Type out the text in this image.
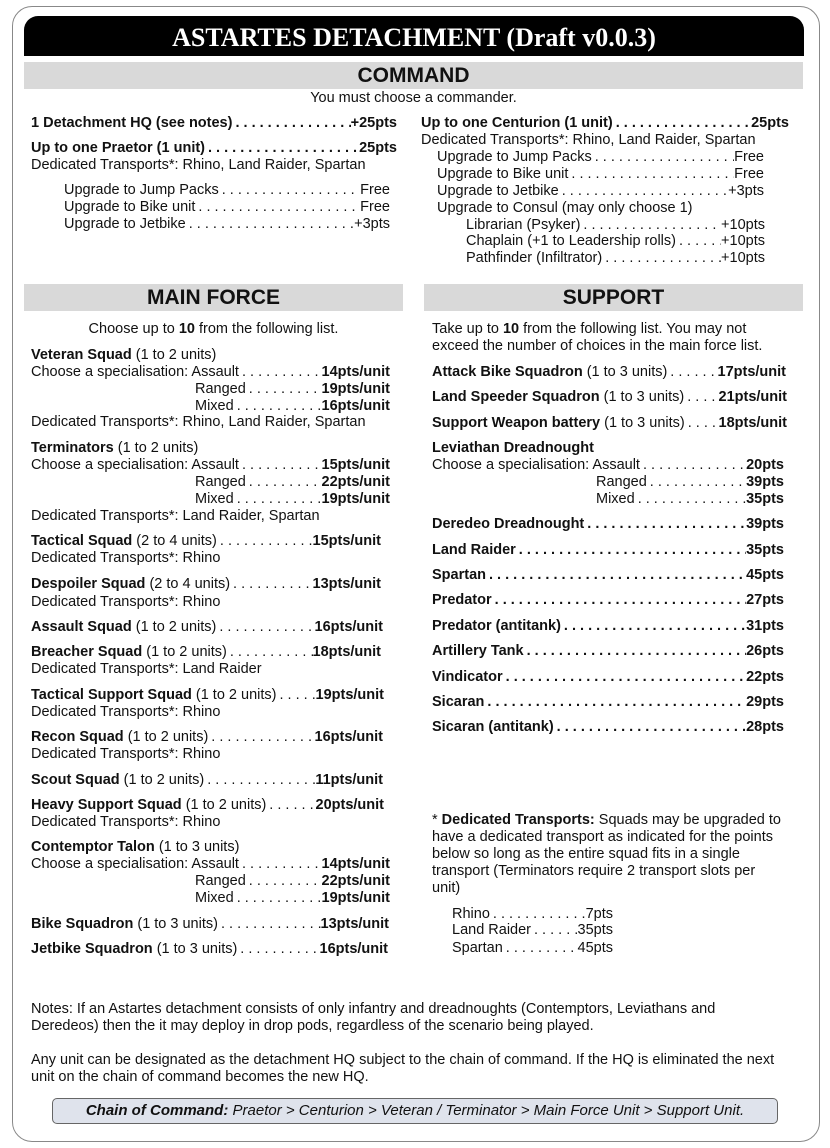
ASTARTES DETACHMENT (Draft v0.0.3)
COMMAND
You must choose a commander.
1 Detachment HQ (see notes) . . .	+25pts
Up to one Praetor (1 unit) . . .	25pts
Dedicated Transports*: Rhino, Land Raider, Spartan
Upgrade to Jump Packs . . .	Free
Upgrade to Bike unit . . .	Free
Upgrade to Jetbike . . .	+3pts
Up to one Centurion (1 unit) . . .	25pts
Dedicated Transports*: Rhino, Land Raider, Spartan
Upgrade to Jump Packs . . .	Free
Upgrade to Bike unit . . .	Free
Upgrade to Jetbike . . .	+3pts
Upgrade to Consul (may only choose 1)
Librarian (Psyker) . . .	+10pts
Chaplain (+1 to Leadership rolls) . . .	+10pts
Pathfinder (Infiltrator) . . .	+10pts
MAIN FORCE
Choose up to 10 from the following list.
Veteran Squad (1 to 2 units)
Choose a specialisation: Assault . . .	14pts/unit
Ranged . . .	19pts/unit
Mixed . . .	16pts/unit
Dedicated Transports*: Rhino, Land Raider, Spartan
Terminators (1 to 2 units)
Choose a specialisation: Assault . . .	15pts/unit
Ranged . . .	22pts/unit
Mixed . . .	19pts/unit
Dedicated Transports*: Land Raider, Spartan
Tactical Squad (2 to 4 units) . . .	15pts/unit
Dedicated Transports*: Rhino
Despoiler Squad (2 to 4 units) . . .	13pts/unit
Dedicated Transports*: Rhino
Assault Squad (1 to 2 units) . . .	16pts/unit
Breacher Squad (1 to 2 units) . . .	18pts/unit
Dedicated Transports*: Land Raider
Tactical Support Squad (1 to 2 units) . . .	19pts/unit
Dedicated Transports*: Rhino
Recon Squad (1 to 2 units) . . .	16pts/unit
Dedicated Transports*: Rhino
Scout Squad (1 to 2 units) . . .	11pts/unit
Heavy Support Squad (1 to 2 units) . . .	20pts/unit
Dedicated Transports*: Rhino
Contemptor Talon (1 to 3 units)
Choose a specialisation: Assault . . .	14pts/unit
Ranged . . .	22pts/unit
Mixed . . .	19pts/unit
Bike Squadron (1 to 3 units) . . .	13pts/unit
Jetbike Squadron (1 to 3 units) . . .	16pts/unit
SUPPORT
Take up to 10 from the following list. You may not
exceed the number of choices in the main force list.
Attack Bike Squadron (1 to 3 units) . . .	17pts/unit
Land Speeder Squadron (1 to 3 units) . . . 21pts/unit
Support Weapon battery (1 to 3 units) . . . 18pts/unit
Leviathan Dreadnought
Choose a specialisation: Assault . . .	20pts
Ranged . . .	39pts
Mixed . . .	35pts
Deredeo Dreadnought . . .	39pts
Land Raider . . .	35pts
Spartan . . .	45pts
Predator . . .	27pts
Predator (antitank) . . .	31pts
Artillery Tank . . .	26pts
Vindicator . . .	22pts
Sicaran . . .	29pts
Sicaran (antitank) . . .	28pts
* Dedicated Transports: Squads may be upgraded to
have a dedicated transport as indicated for the points
below so long as the entire squad fits in a single
transport (Terminators require 2 transport slots per
unit)
Rhino . . .	7pts
Land Raider . . .	35pts
Spartan . . .	45pts
Notes: If an Astartes detachment consists of only infantry and dreadnoughts (Contemptors, Leviathans and
Deredeos) then the it may deploy in drop pods, regardless of the scenario being played.
Any unit can be designated as the detachment HQ subject to the chain of command. If the HQ is eliminated the next
unit on the chain of command becomes the new HQ.
Chain of Command: Praetor > Centurion > Veteran / Terminator > Main Force Unit > Support Unit.
